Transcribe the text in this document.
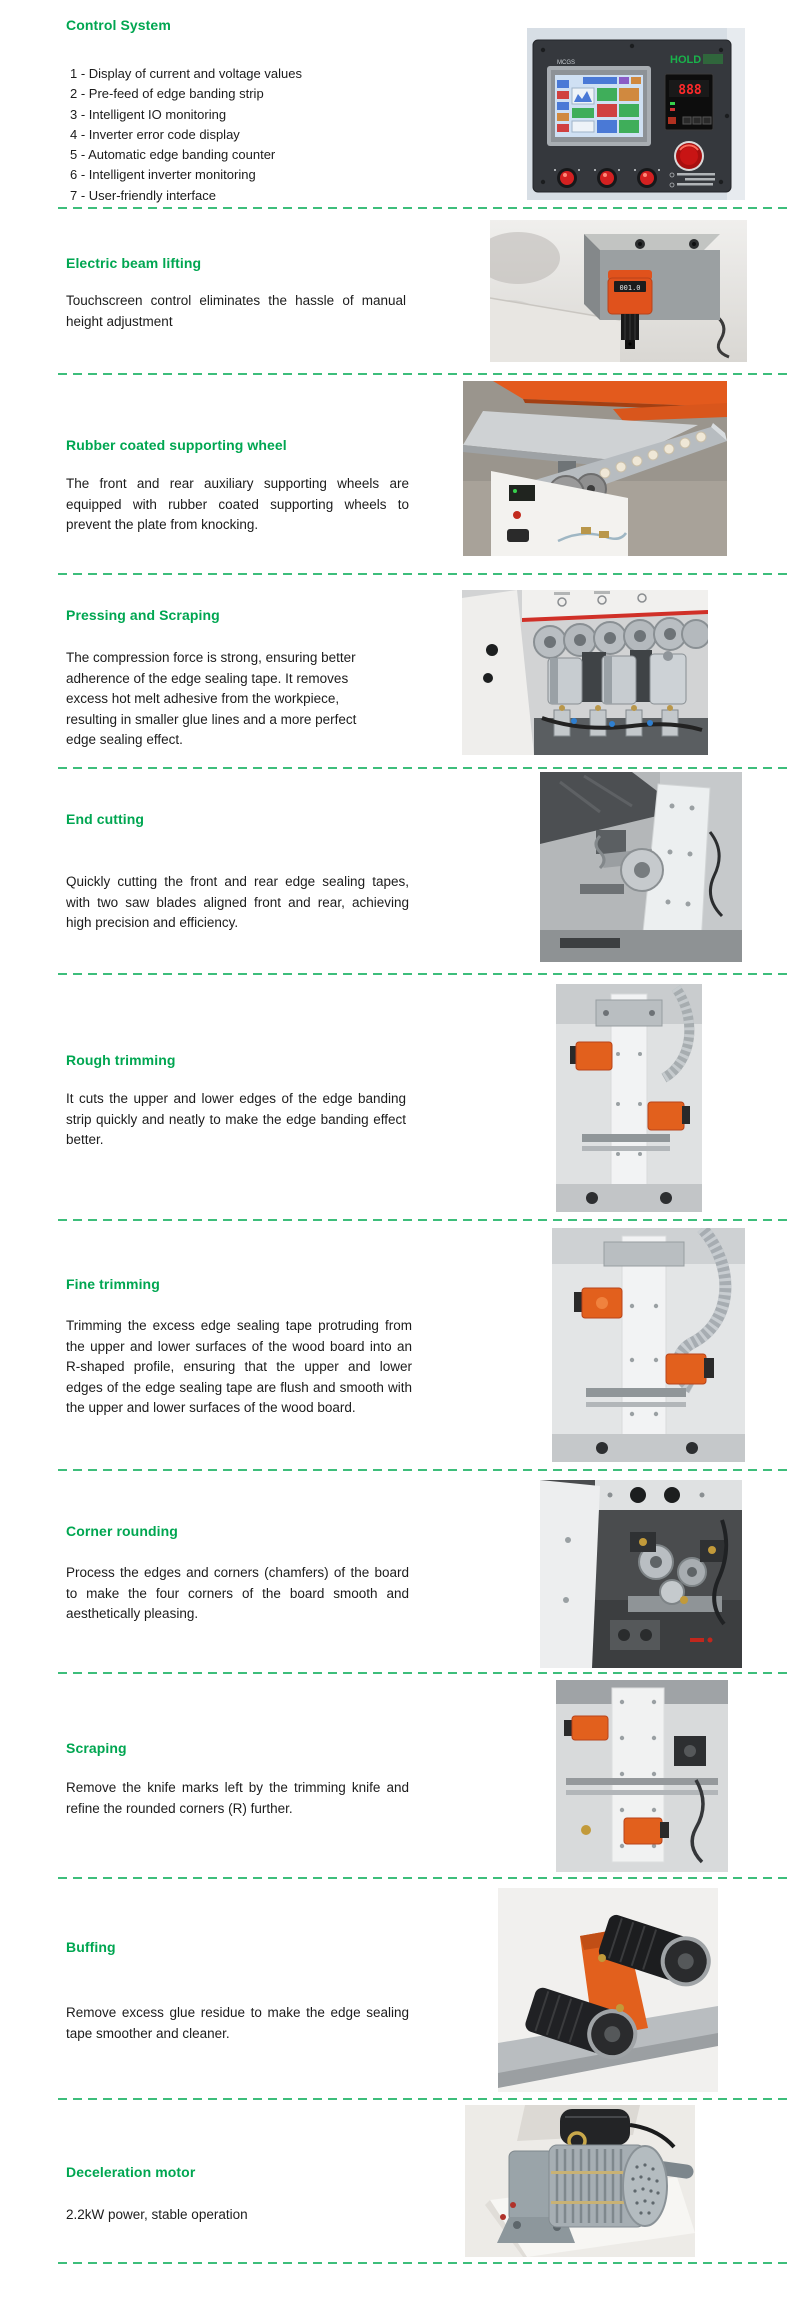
Control System
1 - Display of current and voltage values
2 - Pre-feed of edge banding strip
3 - Intelligent IO monitoring
4 - Inverter error code display
5 - Automatic edge banding counter
6 - Intelligent inverter monitoring
7 - User-friendly interface
MCGS	HOLD
888
Electric beam lifting
Touchscreen control eliminates the hassle of manual height adjustment
001.0
Rubber coated supporting wheel
The front and rear auxiliary supporting wheels are equipped with rubber coated supporting wheels to prevent the plate from knocking.
Pressing and Scraping
The compression force is strong, ensuring better adherence of the edge sealing tape. It removes excess hot melt adhesive from the workpiece, resulting in smaller glue lines and a more perfect edge sealing effect.
End cutting
Quickly cutting the front and rear edge sealing tapes, with two saw blades aligned front and rear, achieving high precision and efficiency.
Rough trimming
It cuts the upper and lower edges of the edge banding strip quickly and neatly to make the edge banding effect better.
Fine trimming
Trimming the excess edge sealing tape protruding from the upper and lower surfaces of the wood board into an R-shaped profile, ensuring that the upper and lower edges of the edge sealing tape are flush and smooth with the upper and lower surfaces of the wood board.
Corner rounding
Process the edges and corners (chamfers) of the board to make the four corners of the board smooth and aesthetically pleasing.
Scraping
Remove the knife marks left by the trimming knife and refine the rounded corners (R) further.
Buffing
Remove excess glue residue to make the edge sealing tape smoother and cleaner.
Deceleration motor
2.2kW power, stable operation
